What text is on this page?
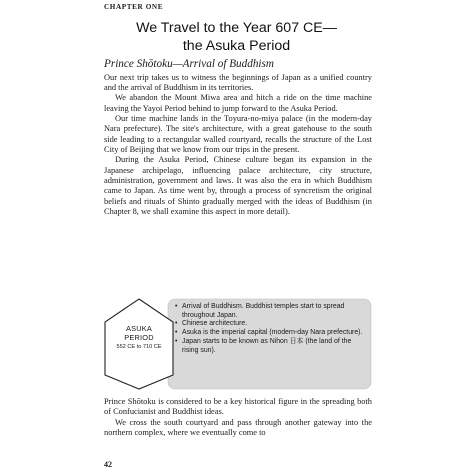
CHAPTER ONE
We Travel to the Year 607 CE—
the Asuka Period
Prince Shōtoku—Arrival of Buddhism

Our next trip takes us to witness the beginnings of Japan as a unified country and the arrival of Buddhism in its territories.

We abandon the Mount Miwa area and hitch a ride on the time machine leaving the Yayoi Period behind to jump forward to the Asuka Period.

Our time machine lands in the Toyura-no-miya palace (in the modern-day Nara prefecture). The site's architecture, with a great gatehouse to the south side leading to a rectangular walled courtyard, recalls the structure of the Lost City of Beijing that we know from our trips in the present.

During the Asuka Period, Chinese culture began its expansion in the Japanese archipelago, influencing palace architecture, city structure, administration, government and laws. It was also the era in which Buddhism came to Japan. As time went by, through a process of syncretism the original beliefs and rituals of Shinto gradually merged with the ideas of Buddhism (in Chapter 8, we shall examine this aspect in more detail).

ASUKA
PERIOD
552 CE to 710 CE
• Arrival of Buddhism. Buddhist temples start to spread throughout Japan.
• Chinese architecture.
• Asuka is the imperial capital (modern-day Nara prefecture).
• Japan starts to be known as Nihon 日本 (the land of the rising sun).

Prince Shōtoku is considered to be a key historical figure in the spreading both of Confucianist and Buddhist ideas.

We cross the south courtyard and pass through another gateway into the northern complex, where we eventually come to

42
